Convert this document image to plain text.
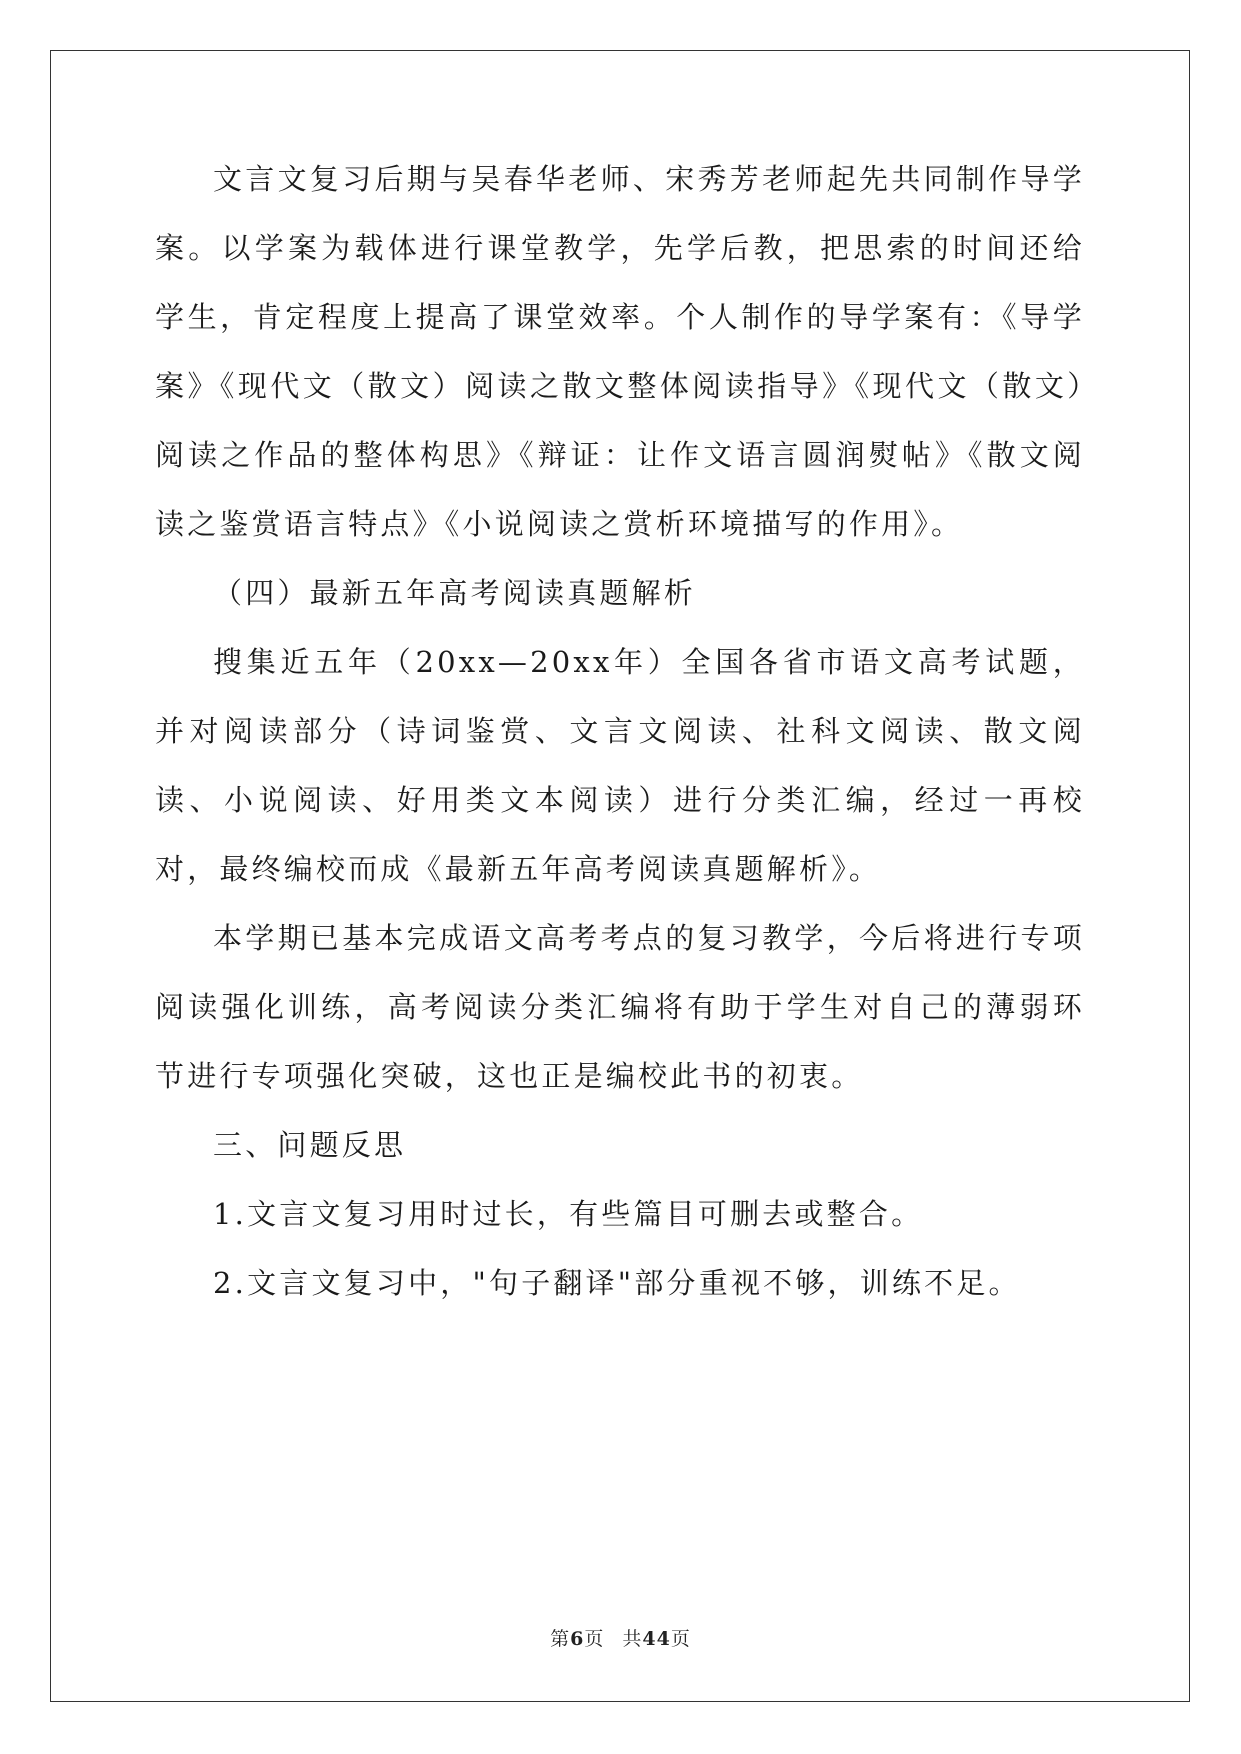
文言文复习后期与吴春华老师、宋秀芳老师起先共同制作导学案。以学案为载体进行课堂教学，先学后教，把思索的时间还给学生，肯定程度上提高了课堂效率。个人制作的导学案有：《导学案》《现代文（散文）阅读之散文整体阅读指导》《现代文（散文）阅读之作品的整体构思》《辩证：让作文语言圆润熨帖》《散文阅读之鉴赏语言特点》《小说阅读之赏析环境描写的作用》。

（四）最新五年高考阅读真题解析

搜集近五年（20xx—20xx年）全国各省市语文高考试题，并对阅读部分（诗词鉴赏、文言文阅读、社科文阅读、散文阅读、小说阅读、好用类文本阅读）进行分类汇编，经过一再校对，最终编校而成《最新五年高考阅读真题解析》。

本学期已基本完成语文高考考点的复习教学，今后将进行专项阅读强化训练，高考阅读分类汇编将有助于学生对自己的薄弱环节进行专项强化突破，这也正是编校此书的初衷。

三、问题反思

1.文言文复习用时过长，有些篇目可删去或整合。

2.文言文复习中，"句子翻译"部分重视不够，训练不足。

第6页 共44页
